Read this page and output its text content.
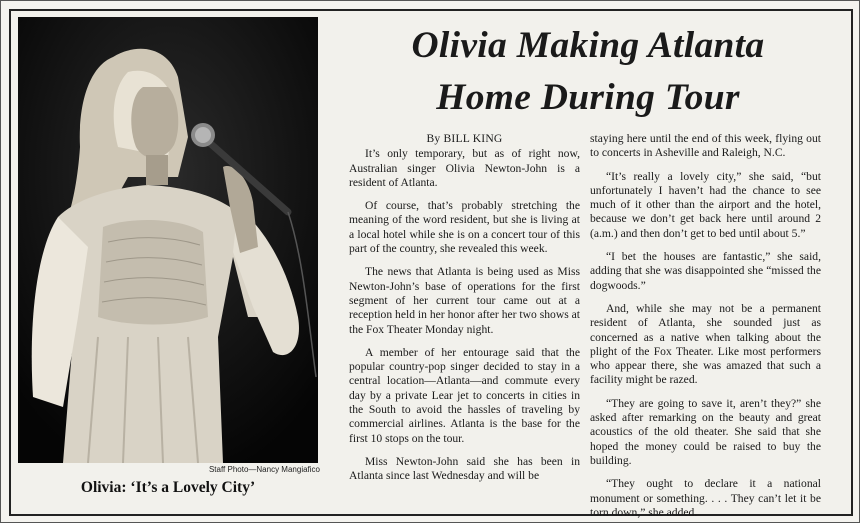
Staff Photo—Nancy Mangiafico
Olivia: ‘It’s a Lovely City’
Olivia Making Atlanta
Home During Tour
By BILL KING

It’s only temporary, but as of right now, Australian singer Olivia Newton-John is a resident of Atlanta.

Of course, that’s probably stretching the meaning of the word resident, but she is living at a local hotel while she is on a concert tour of this part of the country, she revealed this week.

The news that Atlanta is being used as Miss Newton-John’s base of operations for the first segment of her current tour came out at a reception held in her honor after her two shows at the Fox Theater Monday night.

A member of her entourage said that the popular country-pop singer decided to stay in a central location—Atlanta—and commute every day by a private Lear jet to concerts in cities in the South to avoid the hassles of traveling by commercial airlines. Atlanta is the base for the first 10 stops on the tour.

Miss Newton-John said she has been in Atlanta since last Wednesday and will be

staying here until the end of this week, flying out to concerts in Asheville and Raleigh, N.C.

“It’s really a lovely city,” she said, “but unfortunately I haven’t had the chance to see much of it other than the airport and the hotel, because we don’t get back here until around 2 (a.m.) and then don’t get to bed until about 5.”

“I bet the houses are fantastic,” she said, adding that she was disappointed she “missed the dogwoods.”

And, while she may not be a permanent resident of Atlanta, she sounded just as concerned as a native when talking about the plight of the Fox Theater. Like most performers who appear there, she was amazed that such a facility might be razed.

“They are going to save it, aren’t they?” she asked after remarking on the beauty and great acoustics of the old theater. She said that she hoped the money could be raised to buy the building.

“They ought to declare it a national monument or something. . . . They can’t let it be torn down,” she added.
